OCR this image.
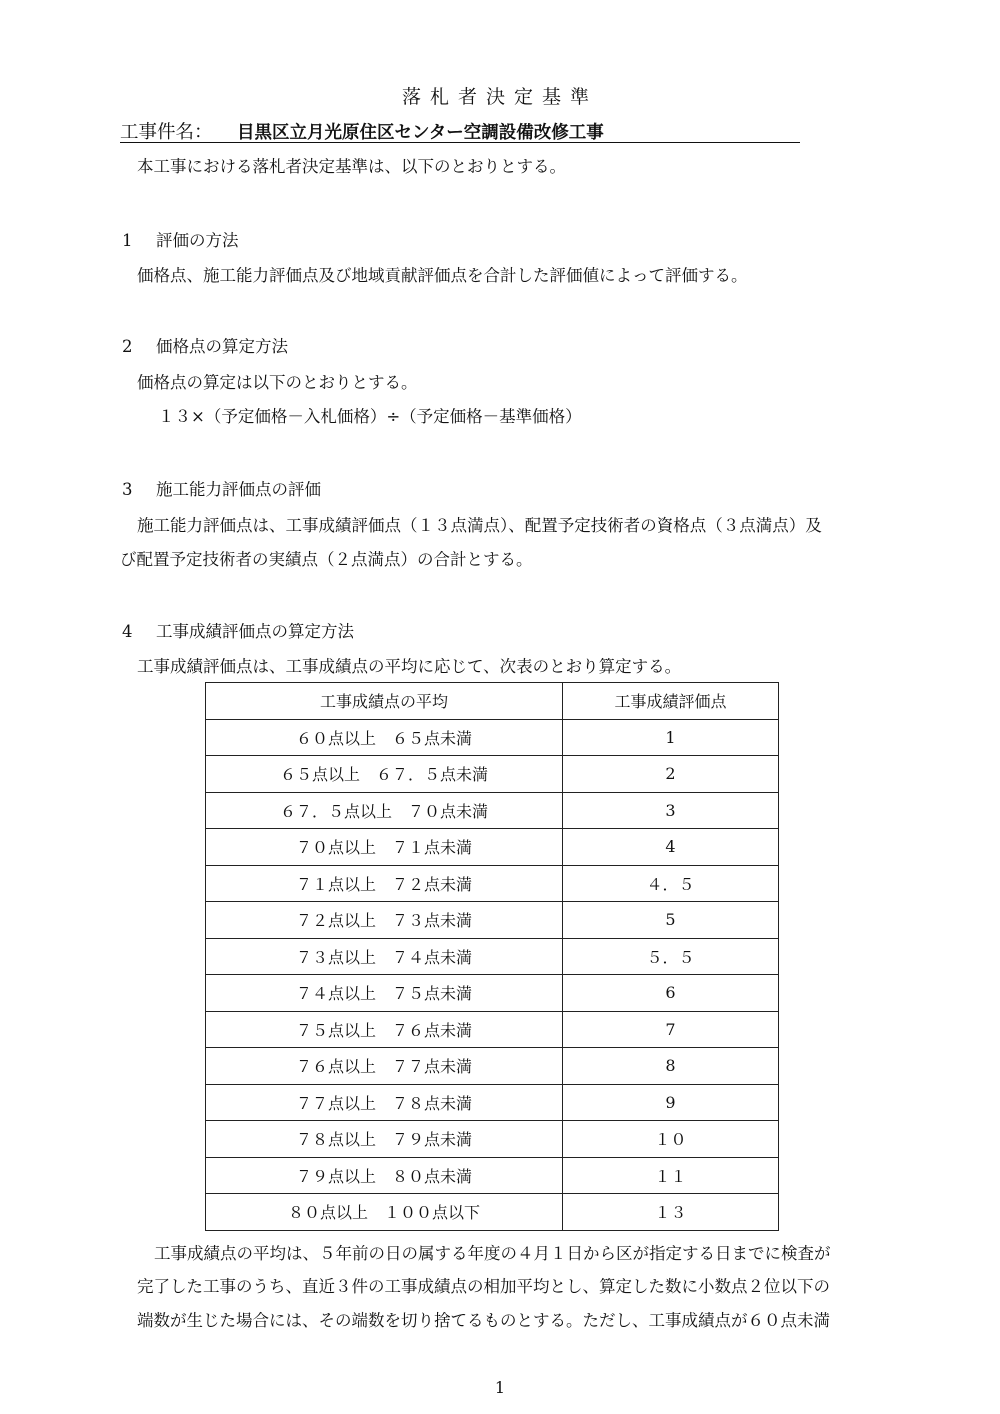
落札者決定基準
工事件名： 目黒区立月光原住区センター空調設備改修工事
本工事における落札者決定基準は、以下のとおりとする。
1 評価の方法
価格点、施工能力評価点及び地域貢献評価点を合計した評価値によって評価する。
2 価格点の算定方法
価格点の算定は以下のとおりとする。
１３×（予定価格－入札価格）÷（予定価格－基準価格）
3 施工能力評価点の評価
施工能力評価点は、工事成績評価点（１３点満点）、配置予定技術者の資格点（３点満点）及
び配置予定技術者の実績点（２点満点）の合計とする。
4 工事成績評価点の算定方法
工事成績評価点は、工事成績点の平均に応じて、次表のとおり算定する。
工事成績点の平均	工事成績評価点
６０点以上　６５点未満	1
６５点以上　６７．５点未満	2
６７．５点以上　７０点未満	3
７０点以上　７１点未満	4
７１点以上　７２点未満	４．５
７２点以上　７３点未満	5
７３点以上　７４点未満	５．５
７４点以上　７５点未満	6
７５点以上　７６点未満	7
７６点以上　７７点未満	8
７７点以上　７８点未満	9
７８点以上　７９点未満	１０
７９点以上　８０点未満	１１
８０点以上　１００点以下	１３
工事成績点の平均は、５年前の日の属する年度の４月１日から区が指定する日までに検査が
完了した工事のうち、直近３件の工事成績点の相加平均とし、算定した数に小数点２位以下の
端数が生じた場合には、その端数を切り捨てるものとする。ただし、工事成績点が６０点未満
1
